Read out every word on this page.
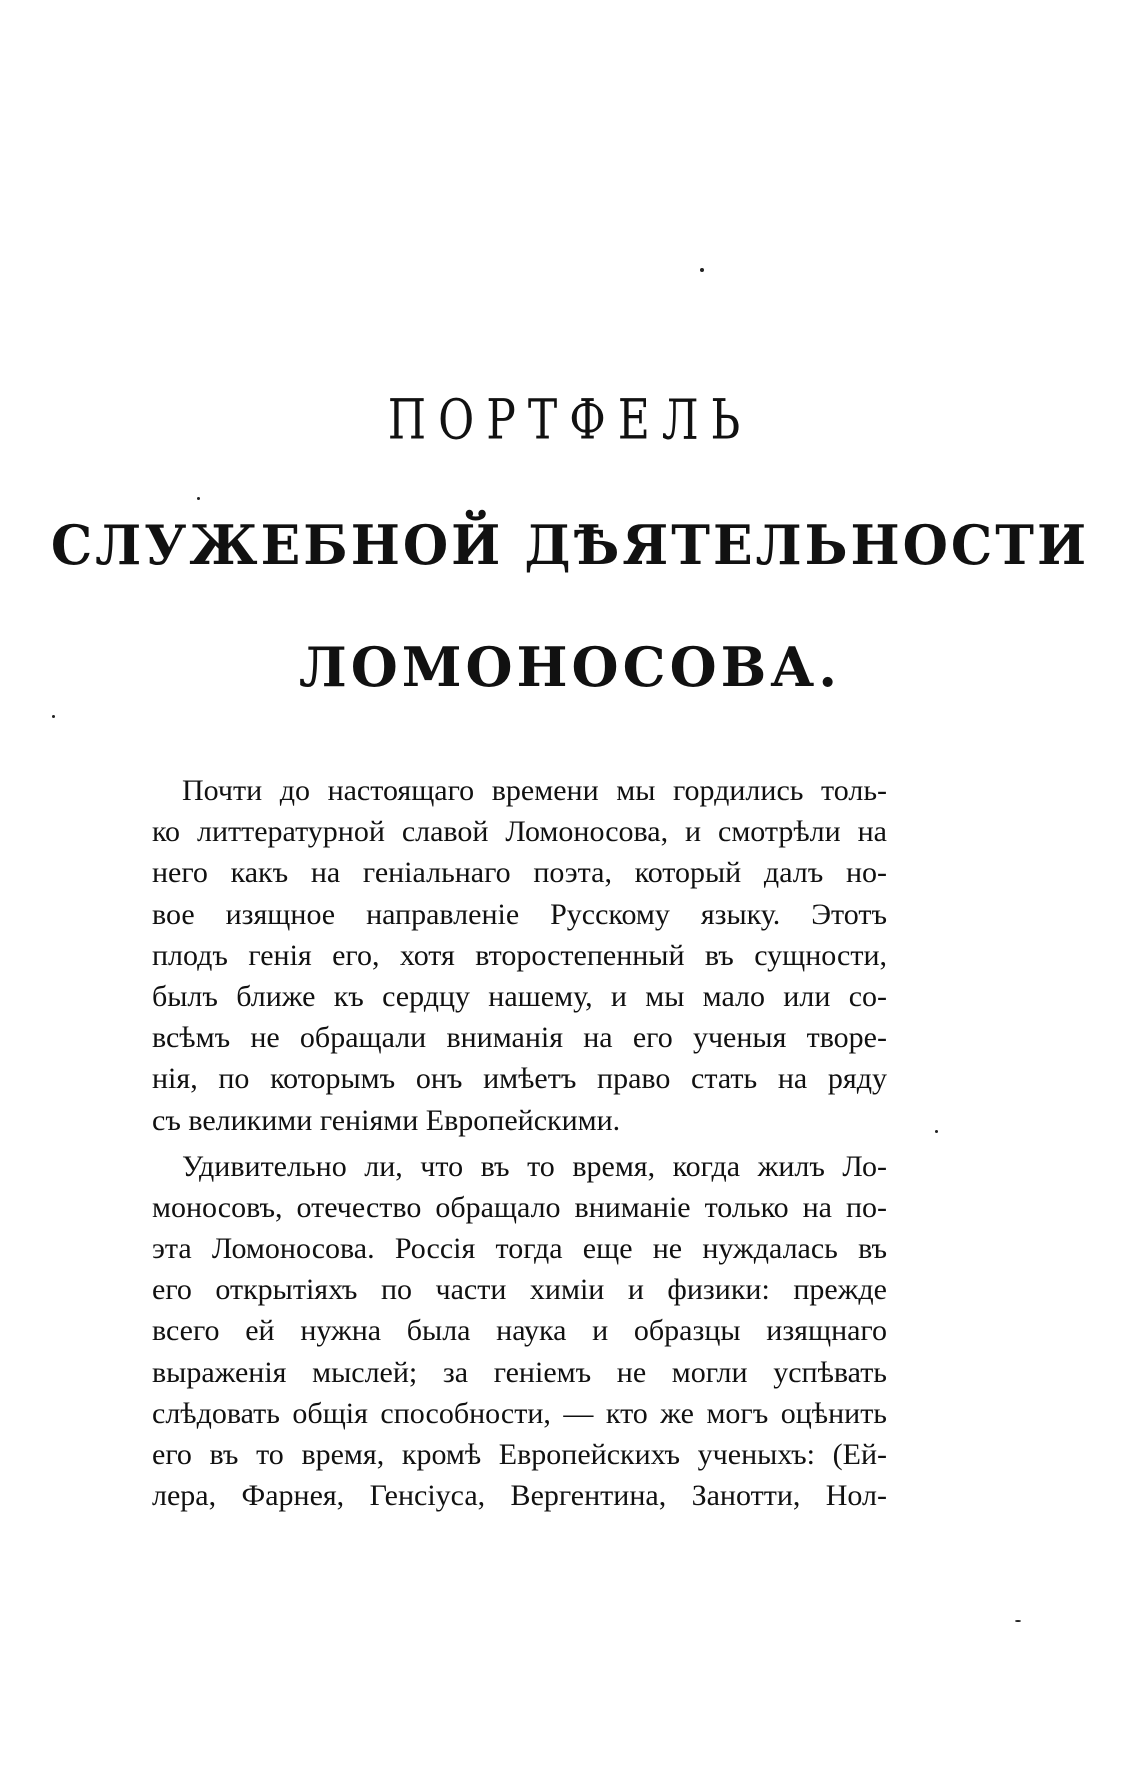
ПОРТФЕЛЬ
СЛУЖЕБНОЙ ДѢЯТЕЛЬНОСТИ
ЛОМОНОСОВА.
Почти до настоящаго времени мы гордились толь-
ко литтературной славой Ломоносова, и смотрѣли на
него какъ на геніальнаго поэта, который далъ но-
вое изящное направленіе Русскому языку. Этотъ
плодъ генія его, хотя второстепенный въ сущности,
былъ ближе къ сердцу нашему, и мы мало или со-
всѣмъ не обращали вниманія на его ученыя творе-
нія, по которымъ онъ имѣетъ право стать на ряду
съ великими геніями Европейскими.
Удивительно ли, что въ то время, когда жилъ Ло-
моносовъ, отечество обращало вниманіе только на по-
эта Ломоносова. Россія тогда еще не нуждалась въ
его открытіяхъ по части химіи и физики: прежде
всего ей нужна была наука и образцы изящнаго
выраженія мыслей; за геніемъ не могли успѣвать
слѣдовать общія способности, — кто же могъ оцѣнить
его въ то время, кромѣ Европейскихъ ученыхъ: (Ей-
лера, Фарнея, Генсіуса, Вергентина, Занотти, Нол-
